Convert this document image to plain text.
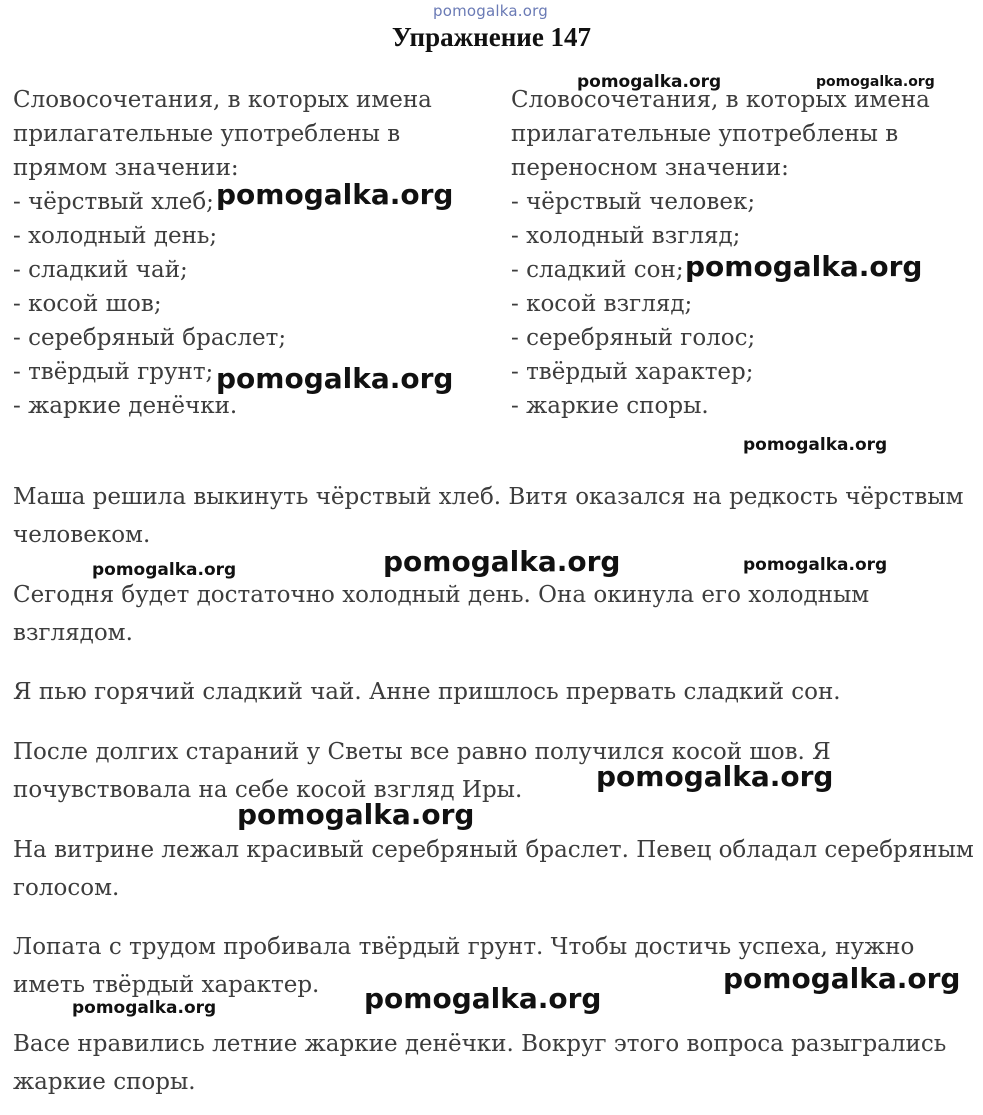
pomogalka.org
Упражнение 147
Словосочетания, в которых имена
прилагательные употреблены в
прямом значении:
- чёрствый хлеб;
- холодный день;
- сладкий чай;
- косой шов;
- серебряный браслет;
- твёрдый грунт;
- жаркие денёчки.
Словосочетания, в которых имена
прилагательные употреблены в
переносном значении:
- чёрствый человек;
- холодный взгляд;
- сладкий сон;
- косой взгляд;
- серебряный голос;
- твёрдый характер;
- жаркие споры.
Маша решила выкинуть чёрствый хлеб. Витя оказался на редкость чёрствым
человеком.
Сегодня будет достаточно холодный день. Она окинула его холодным
взглядом.
Я пью горячий сладкий чай. Анне пришлось прервать сладкий сон.
После долгих стараний у Светы все равно получился косой шов. Я
почувствовала на себе косой взгляд Иры.
На витрине лежал красивый серебряный браслет. Певец обладал серебряным
голосом.
Лопата с трудом пробивала твёрдый грунт. Чтобы достичь успеха, нужно
иметь твёрдый характер.
Васе нравились летние жаркие денёчки. Вокруг этого вопроса разыгрались
жаркие споры.
pomogalka.org	pomogalka.org
pomogalka.org
pomogalka.org
pomogalka.org
pomogalka.org
pomogalka.org
pomogalka.org	pomogalka.org
pomogalka.org
pomogalka.org
pomogalka.org
pomogalka.org
pomogalka.org
